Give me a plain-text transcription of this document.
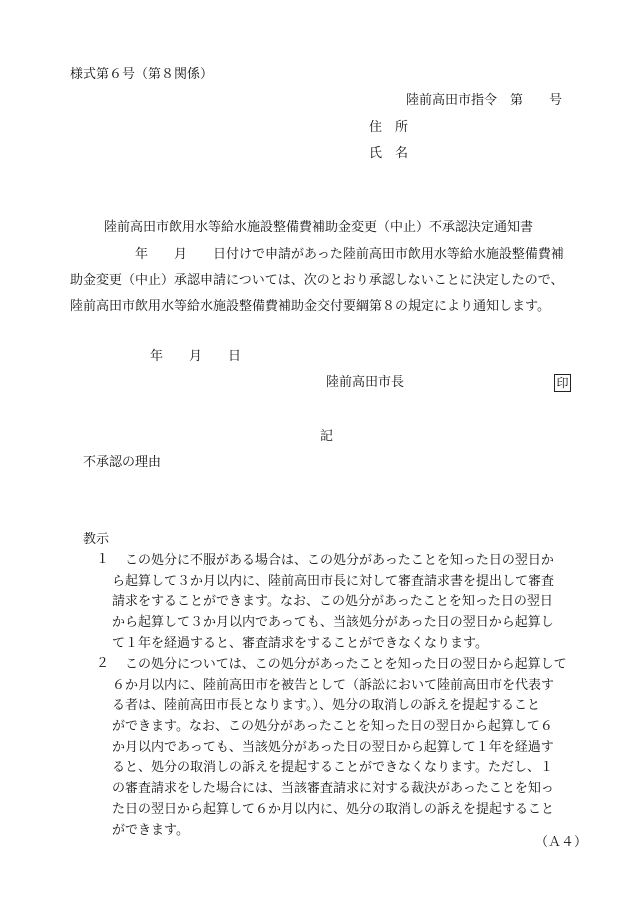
様式第６号（第８関係）
陸前高田市指令　第　　号
住　所
氏　名
陸前高田市飲用水等給水施設整備費補助金変更（中止）不承認決定通知書
年　　月　　日付けで申請があった陸前高田市飲用水等給水施設整備費補
助金変更（中止）承認申請については、次のとおり承認しないことに決定したので、
陸前高田市飲用水等給水施設整備費補助金交付要綱第８の規定により通知します。
年　　月　　日
陸前高田市長	印
記
不承認の理由
教示
１	この処分に不服がある場合は、この処分があったことを知った日の翌日か
ら起算して３か月以内に、陸前高田市長に対して審査請求書を提出して審査
請求をすることができます。なお、この処分があったことを知った日の翌日
から起算して３か月以内であっても、当該処分があった日の翌日から起算し
て１年を経過すると、審査請求をすることができなくなります。
２	この処分については、この処分があったことを知った日の翌日から起算して
６か月以内に、陸前高田市を被告として（訴訟において陸前高田市を代表す
る者は、陸前高田市長となります。）、処分の取消しの訴えを提起すること
ができます。なお、この処分があったことを知った日の翌日から起算して６
か月以内であっても、当該処分があった日の翌日から起算して１年を経過す
ると、処分の取消しの訴えを提起することができなくなります。ただし、１
の審査請求をした場合には、当該審査請求に対する裁決があったことを知っ
た日の翌日から起算して６か月以内に、処分の取消しの訴えを提起すること
ができます。
（Ａ４）
